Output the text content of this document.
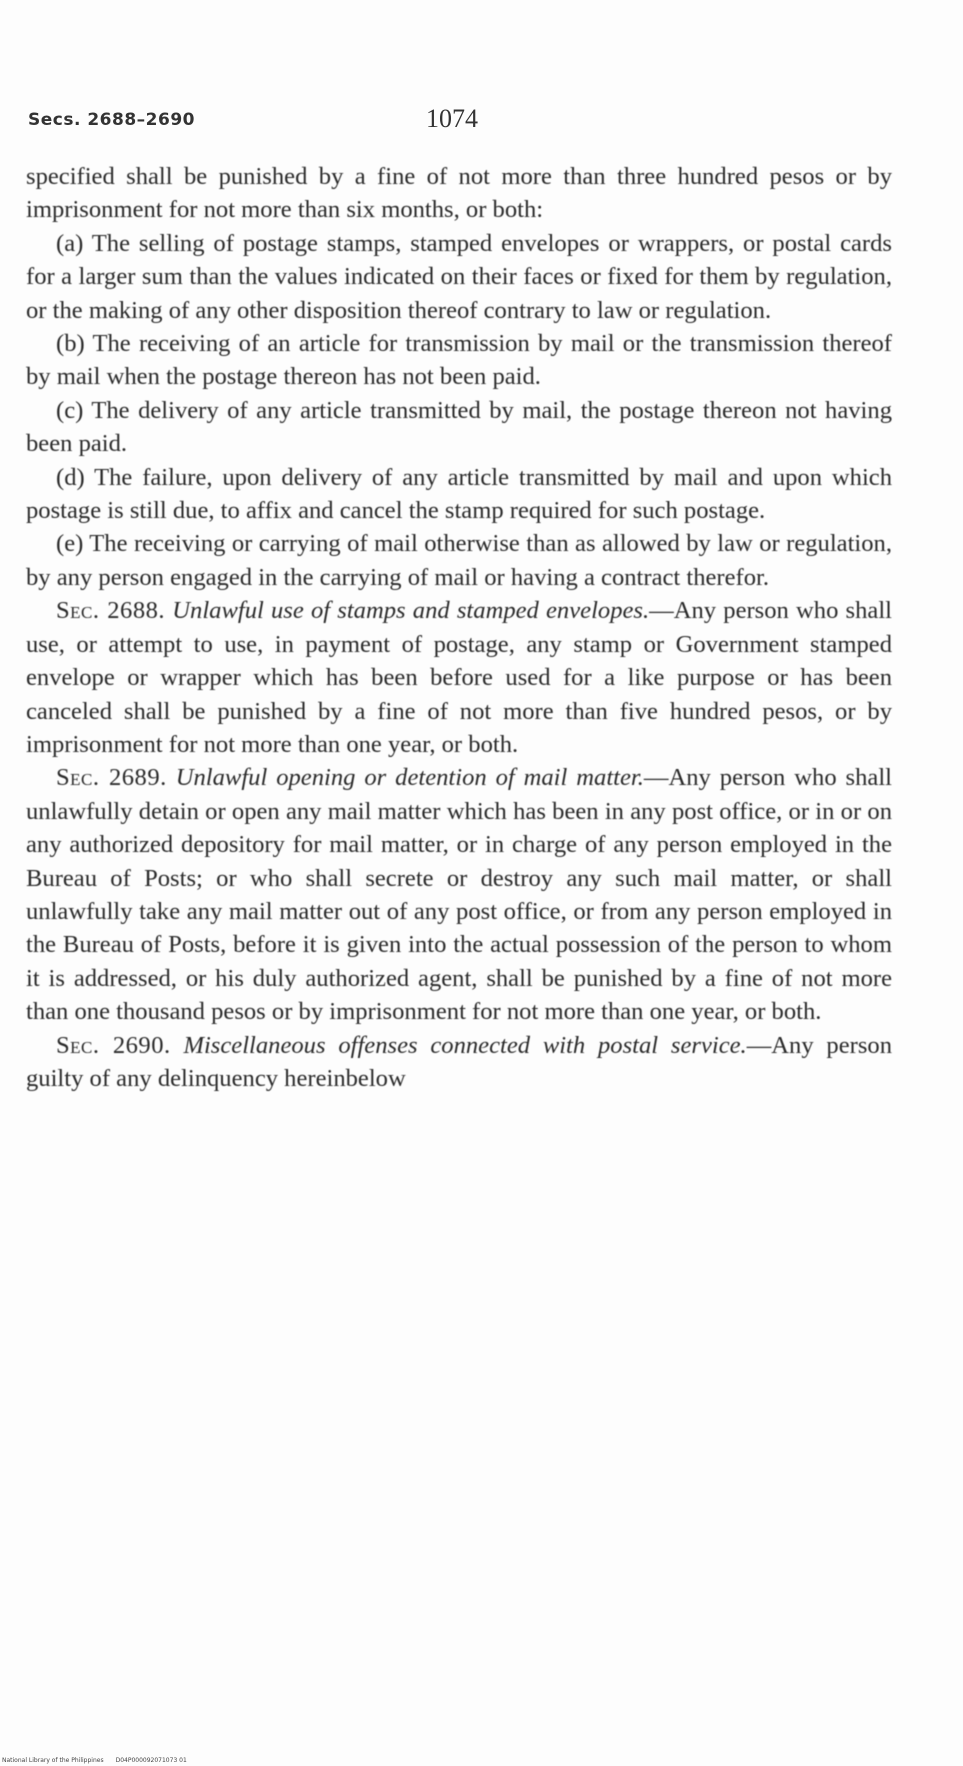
Secs. 2688–2690	1074

specified shall be punished by a fine of not more than three hundred pesos or by imprisonment for not more than six months, or both:

(a) The selling of postage stamps, stamped envelopes or wrappers, or postal cards for a larger sum than the values indicated on their faces or fixed for them by regulation, or the making of any other disposition thereof contrary to law or regulation.

(b) The receiving of an article for transmission by mail or the transmission thereof by mail when the postage thereon has not been paid.

(c) The delivery of any article transmitted by mail, the postage thereon not having been paid.

(d) The failure, upon delivery of any article transmitted by mail and upon which postage is still due, to affix and cancel the stamp required for such postage.

(e) The receiving or carrying of mail otherwise than as allowed by law or regulation, by any person engaged in the carrying of mail or having a contract therefor.

Sec. 2688. Unlawful use of stamps and stamped envelopes.—Any person who shall use, or attempt to use, in payment of postage, any stamp or Government stamped envelope or wrapper which has been before used for a like purpose or has been canceled shall be punished by a fine of not more than five hundred pesos, or by imprisonment for not more than one year, or both.

Sec. 2689. Unlawful opening or detention of mail matter.—Any person who shall unlawfully detain or open any mail matter which has been in any post office, or in or on any authorized depository for mail matter, or in charge of any person employed in the Bureau of Posts; or who shall secrete or destroy any such mail matter, or shall unlawfully take any mail matter out of any post office, or from any person employed in the Bureau of Posts, before it is given into the actual possession of the person to whom it is addressed, or his duly authorized agent, shall be punished by a fine of not more than one thousand pesos or by imprisonment for not more than one year, or both.

Sec. 2690. Miscellaneous offenses connected with postal service.—Any person guilty of any delinquency hereinbelow

National Library of the Philippines D04P000092071073 01
